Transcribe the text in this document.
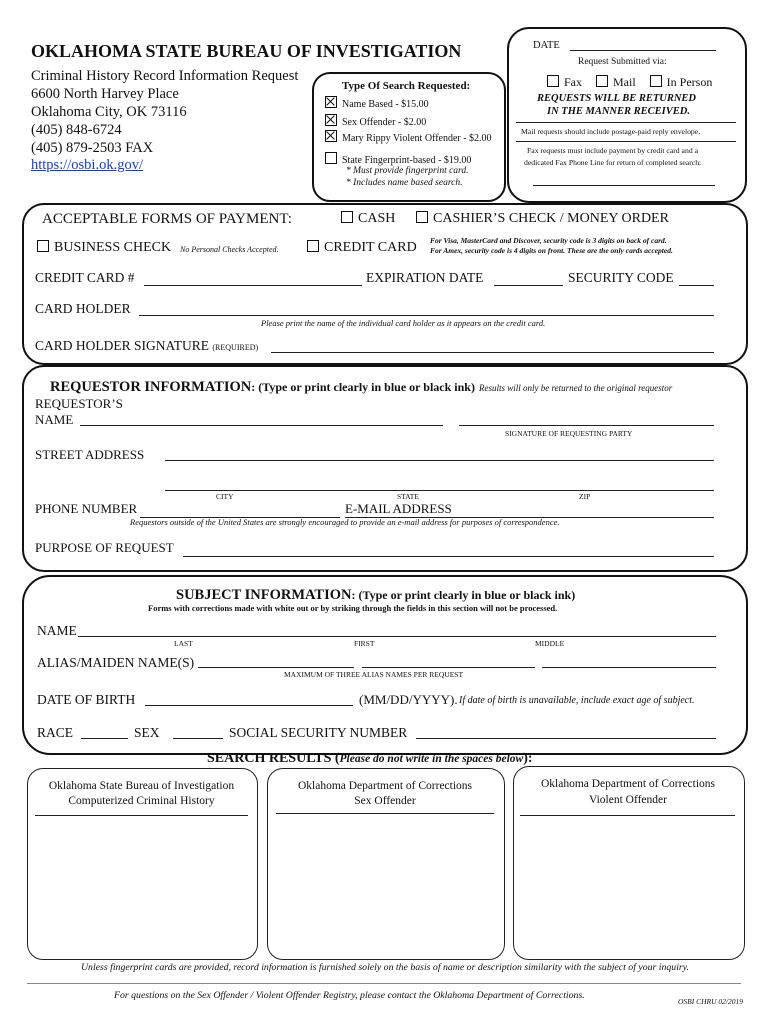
OKLAHOMA STATE BUREAU OF INVESTIGATION
Criminal History Record Information Request
6600 North Harvey Place
Oklahoma City, OK 73116
(405) 848-6724
(405) 879-2503 FAX
https://osbi.ok.gov/
Type Of Search Requested:
Name Based - $15.00
Sex Offender - $2.00
Mary Rippy Violent Offender - $2.00
State Fingerprint-based - $19.00
* Must provide fingerprint card.
* Includes name based search.
DATE
Request Submitted via:
Fax	Mail	In Person
REQUESTS WILL BE RETURNED
IN THE MANNER RECEIVED.
Mail requests should include postage-paid reply envelope.
Fax requests must include payment by credit card and a
dedicated Fax Phone Line for return of completed search:
ACCEPTABLE FORMS OF PAYMENT:	CASH	CASHIER’S CHECK / MONEY ORDER
BUSINESS CHECK No Personal Checks Accepted.	CREDIT CARD For Visa, MasterCard and Discover, security code is 3 digits on back of card.
For Amex, security code is 4 digits on front. These are the only cards accepted.
CREDIT CARD #	EXPIRATION DATE	SECURITY CODE
CARD HOLDER
Please print the name of the individual card holder as it appears on the credit card.
CARD HOLDER SIGNATURE (REQUIRED)
REQUESTOR INFORMATION: (Type or print clearly in blue or black ink) Results will only be returned to the original requestor
REQUESTOR’S
NAME
SIGNATURE OF REQUESTING PARTY
STREET ADDRESS
CITY	STATE	ZIP
PHONE NUMBER	E-MAIL ADDRESS
Requestors outside of the United States are strongly encouraged to provide an e-mail address for purposes of correspondence.
PURPOSE OF REQUEST
SUBJECT INFORMATION: (Type or print clearly in blue or black ink)
Forms with corrections made with white out or by striking through the fields in this section will not be processed.
NAME
LAST	FIRST	MIDDLE
ALIAS/MAIDEN NAME(S)
MAXIMUM OF THREE ALIAS NAMES PER REQUEST
DATE OF BIRTH	(MM/DD/YYYY). If date of birth is unavailable, include exact age of subject.
RACE	SEX	SOCIAL SECURITY NUMBER
SEARCH RESULTS (Please do not write in the spaces below):
Oklahoma State Bureau of Investigation
Computerized Criminal History
Oklahoma Department of Corrections
Sex Offender
Oklahoma Department of Corrections
Violent Offender
Unless fingerprint cards are provided, record information is furnished solely on the basis of name or description similarity with the subject of your inquiry.
For questions on the Sex Offender / Violent Offender Registry, please contact the Oklahoma Department of Corrections.
OSBI CHRU 02/2019
